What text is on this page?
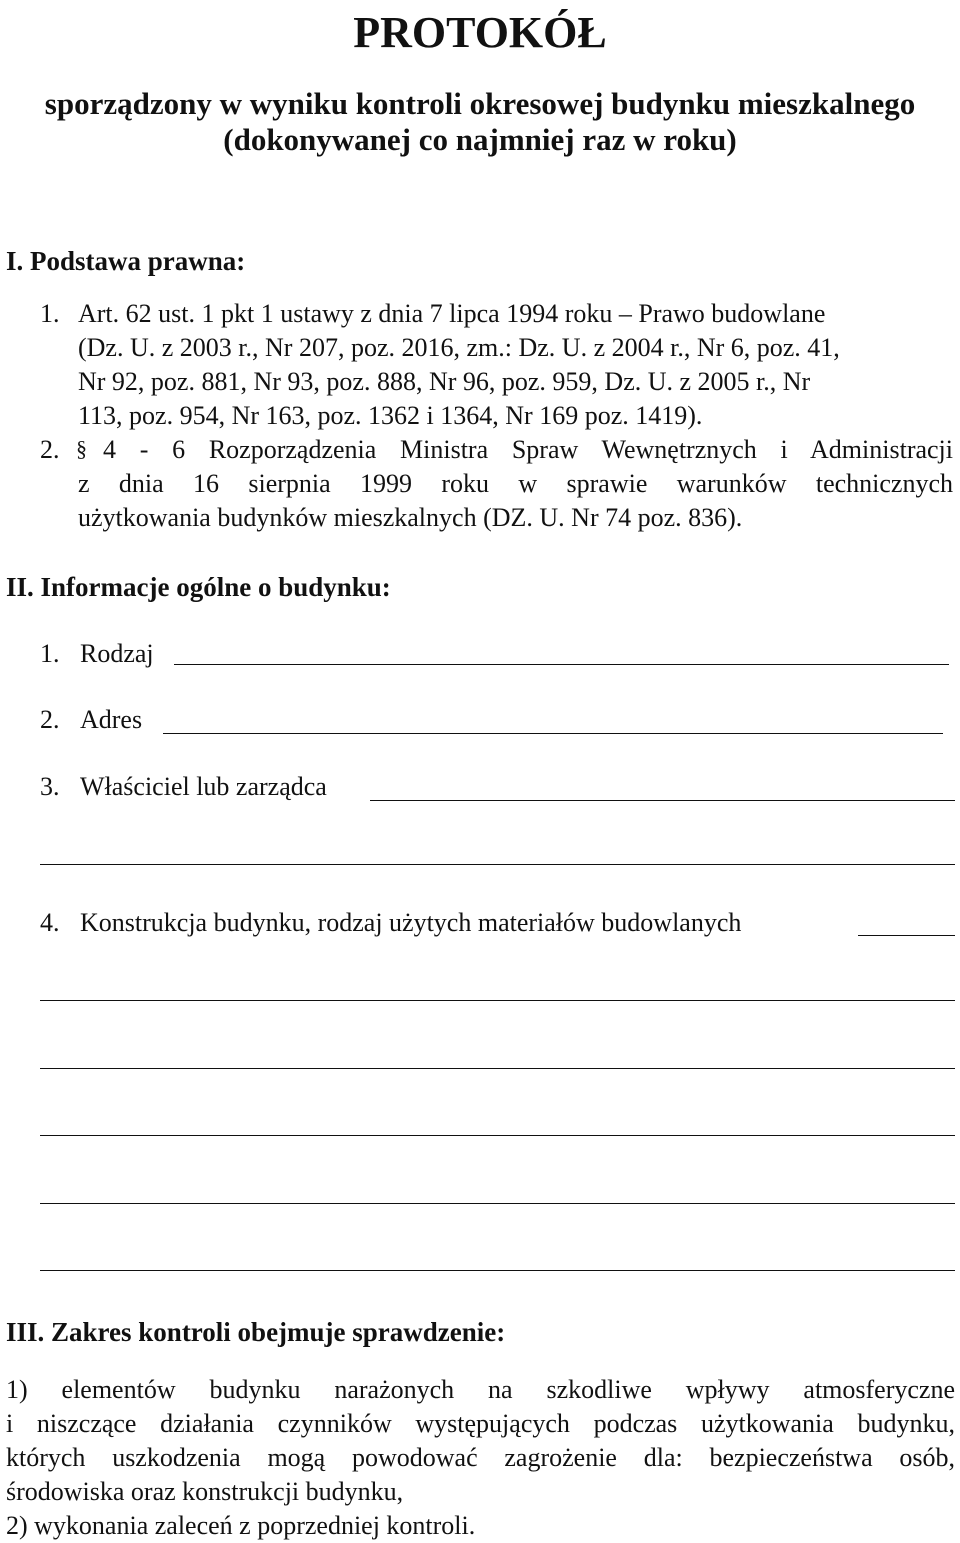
PROTOKÓŁ
sporządzony w wyniku kontroli okresowej budynku mieszkalnego
(dokonywanej co najmniej raz w roku)
I. Podstawa prawna:
1. Art. 62 ust. 1 pkt 1 ustawy z dnia 7 lipca 1994 roku – Prawo budowlane
(Dz. U. z 2003 r., Nr 207, poz. 2016, zm.: Dz. U. z 2004 r., Nr 6, poz. 41,
Nr 92, poz. 881, Nr 93, poz. 888, Nr 96, poz. 959, Dz. U. z 2005 r., Nr
113, poz. 954, Nr 163, poz. 1362 i 1364, Nr 169 poz. 1419).
2. § 4 - 6 Rozporządzenia Ministra Spraw Wewnętrznych i Administracji
z dnia 16 sierpnia 1999 roku w sprawie warunków technicznych
użytkowania budynków mieszkalnych (DZ. U. Nr 74 poz. 836).
II. Informacje ogólne o budynku:
1. Rodzaj
2. Adres
3. Właściciel lub zarządca
4. Konstrukcja budynku, rodzaj użytych materiałów budowlanych
III. Zakres kontroli obejmuje sprawdzenie:
1) elementów budynku narażonych na szkodliwe wpływy atmosferyczne
i niszczące działania czynników występujących podczas użytkowania budynku,
których uszkodzenia mogą powodować zagrożenie dla: bezpieczeństwa osób,
środowiska oraz konstrukcji budynku,
2) wykonania zaleceń z poprzedniej kontroli.
